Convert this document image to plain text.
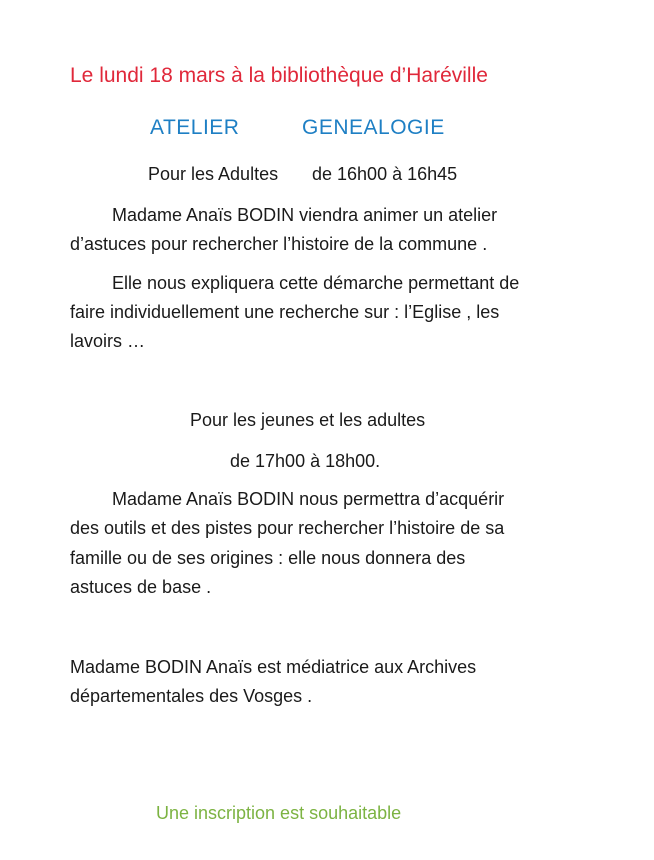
Le lundi 18 mars à la bibliothèque d’Haréville
ATELIER	GENEALOGIE
Pour les Adultes de 16h00 à 16h45
Madame Anaïs BODIN viendra animer un atelier
d’astuces pour rechercher l’histoire de la commune .
Elle nous expliquera cette démarche permettant de
faire individuellement une recherche sur : l’Eglise , les
lavoirs …
Pour les jeunes et les adultes
de 17h00 à 18h00.
Madame Anaïs BODIN nous permettra d’acquérir
des outils et des pistes pour rechercher l’histoire de sa
famille ou de ses origines : elle nous donnera des
astuces de base .
Madame BODIN Anaïs est médiatrice aux Archives
départementales des Vosges .
Une inscription est souhaitable
